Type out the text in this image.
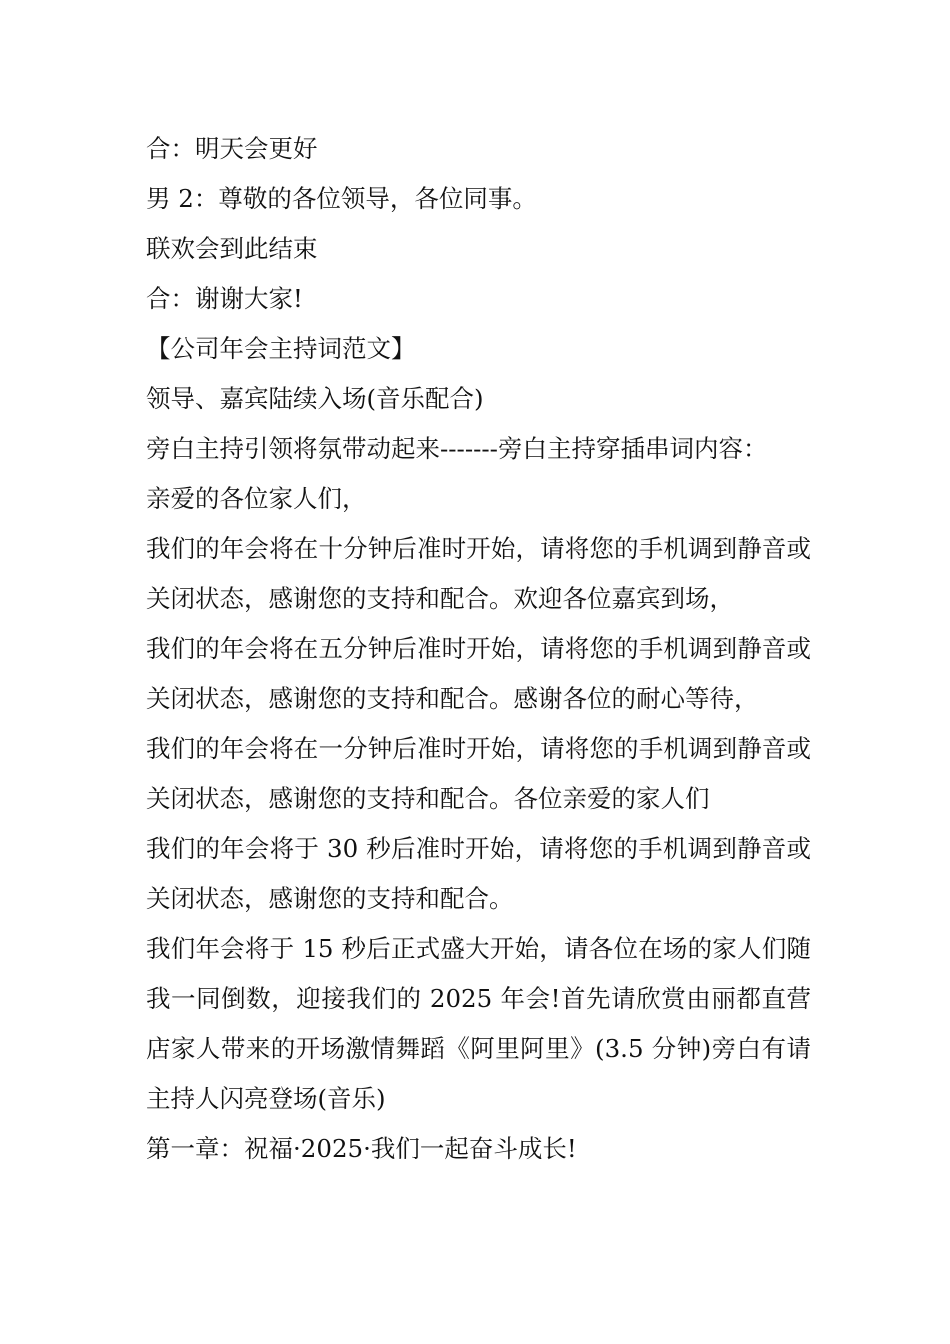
合：明天会更好

男 2：尊敬的各位领导，各位同事。

联欢会到此结束

合：谢谢大家!

【公司年会主持词范文】

领导、嘉宾陆续入场(音乐配合)

旁白主持引领将氛带动起来-------旁白主持穿插串词内容：

亲爱的各位家人们，

我们的年会将在十分钟后准时开始，请将您的手机调到静音或关闭状态，感谢您的支持和配合。欢迎各位嘉宾到场，

我们的年会将在五分钟后准时开始，请将您的手机调到静音或关闭状态，感谢您的支持和配合。感谢各位的耐心等待，

我们的年会将在一分钟后准时开始，请将您的手机调到静音或关闭状态，感谢您的支持和配合。各位亲爱的家人们

我们的年会将于 30 秒后准时开始，请将您的手机调到静音或关闭状态，感谢您的支持和配合。

我们年会将于 15 秒后正式盛大开始，请各位在场的家人们随我一同倒数，迎接我们的 2025 年会!首先请欣赏由丽都直营店家人带来的开场激情舞蹈《阿里阿里》(3.5 分钟)旁白有请主持人闪亮登场(音乐)

第一章：祝福·2025·我们一起奋斗成长!
